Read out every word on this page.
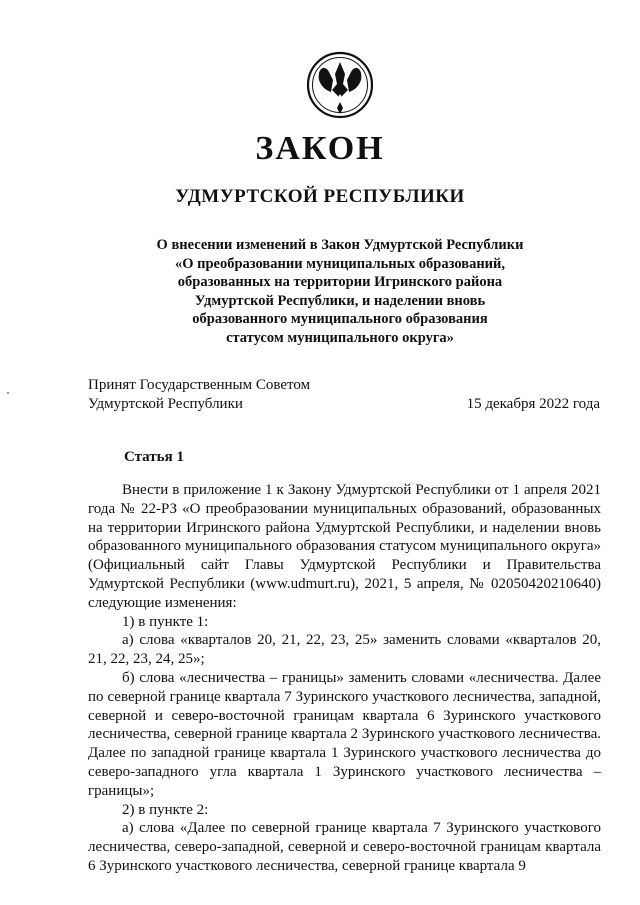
ЗАКОН
УДМУРТСКОЙ РЕСПУБЛИКИ
О внесении изменений в Закон Удмуртской Республики
«О преобразовании муниципальных образований,
образованных на территории Игринского района
Удмуртской Республики, и наделении вновь
образованного муниципального образования
статусом муниципального округа»
Принят Государственным Советом
Удмуртской Республики	15 декабря 2022 года
Статья 1

Внести в приложение 1 к Закону Удмуртской Республики от 1 апреля 2021 года № 22-РЗ «О преобразовании муниципальных образований, образованных на территории Игринского района Удмуртской Республики, и наделении вновь образованного муниципального образования статусом муниципального округа» (Официальный сайт Главы Удмуртской Республики и Правительства Удмуртской Республики (www.udmurt.ru), 2021, 5 апреля, № 02050420210640) следующие изменения:

1) в пункте 1:

а) слова «кварталов 20, 21, 22, 23, 25» заменить словами «кварталов 20, 21, 22, 23, 24, 25»;

б) слова «лесничества – границы» заменить словами «лесничества. Далее по северной границе квартала 7 Зуринского участкового лесничества, западной, северной и северо-восточной границам квартала 6 Зуринского участкового лесничества, северной границе квартала 2 Зуринского участкового лесничества. Далее по западной границе квартала 1 Зуринского участкового лесничества до северо-западного угла квартала 1 Зуринского участкового лесничества – границы»;

2) в пункте 2:

а) слова «Далее по северной границе квартала 7 Зуринского участкового лесничества, северо-западной, северной и северо-восточной границам квартала 6 Зуринского участкового лесничества, северной границе квартала 9
